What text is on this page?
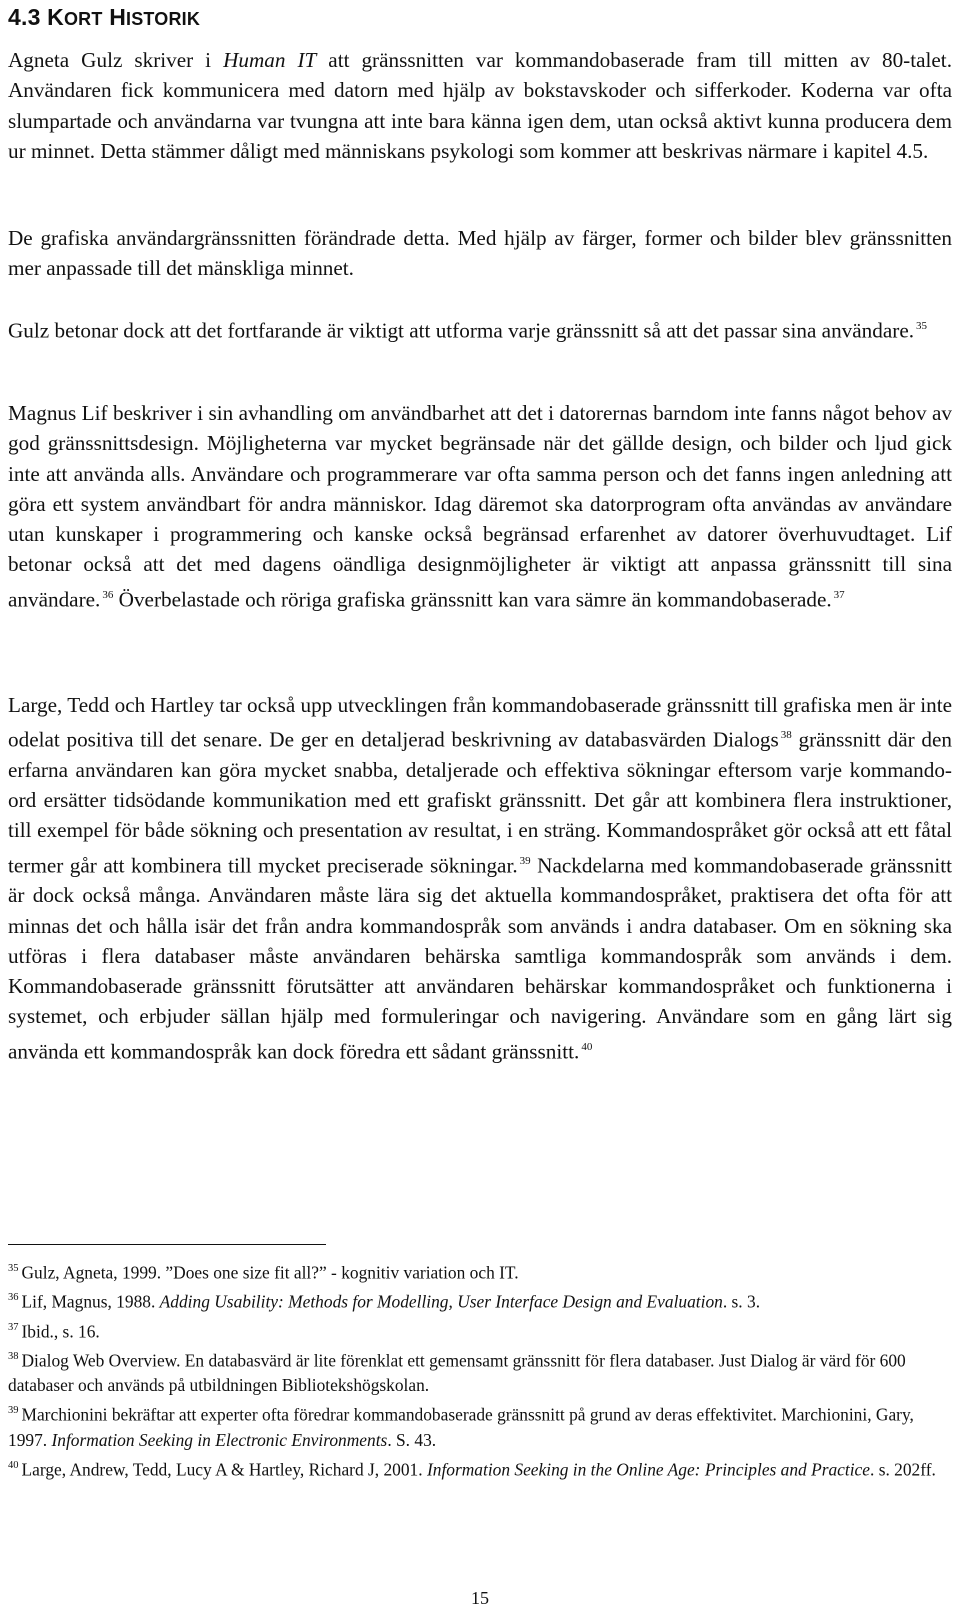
4.3 KORT HISTORIK

Agneta Gulz skriver i Human IT att gränssnitten var kommandobaserade fram till mitten av 80-talet. Användaren fick kommunicera med datorn med hjälp av bokstavskoder och sifferkoder. Koderna var ofta slumpartade och användarna var tvungna att inte bara känna igen dem, utan också aktivt kunna producera dem ur minnet. Detta stämmer dåligt med människans psykologi som kommer att beskrivas närmare i kapitel 4.5.

De grafiska användargränssnitten förändrade detta. Med hjälp av färger, former och bilder blev gränssnitten mer anpassade till det mänskliga minnet.

Gulz betonar dock att det fortfarande är viktigt att utforma varje gränssnitt så att det passar sina användare. $^{35}$

Magnus Lif beskriver i sin avhandling om användbarhet att det i datorernas barndom inte fanns något behov av god gränssnittsdesign. Möjligheterna var mycket begränsade när det gällde design, och bilder och ljud gick inte att använda alls. Användare och programmerare var ofta samma person och det fanns ingen anledning att göra ett system användbart för andra människor. Idag däremot ska datorprogram ofta användas av användare utan kunskaper i programmering och kanske också begränsad erfarenhet av datorer överhuvudtaget. Lif betonar också att det med dagens oändliga designmöjligheter är viktigt att anpassa gränssnitt till sina användare. $^{36}$ Överbelastade och röriga grafiska gränssnitt kan vara sämre än kommandobaserade. $^{37}$

Large, Tedd och Hartley tar också upp utvecklingen från kommandobaserade gränssnitt till grafiska men är inte odelat positiva till det senare. De ger en detaljerad beskrivning av databasvärden Dialogs $^{38}$ gränssnitt där den erfarna användaren kan göra mycket snabba, detaljerade och effektiva sökningar eftersom varje kommando-ord ersätter tidsödande kommunikation med ett grafiskt gränssnitt. Det går att kombinera flera instruktioner, till exempel för både sökning och presentation av resultat, i en sträng. Kommandospråket gör också att ett fåtal termer går att kombinera till mycket preciserade sökningar. $^{39}$ Nackdelarna med kommandobaserade gränssnitt är dock också många. Användaren måste lära sig det aktuella kommandospråket, praktisera det ofta för att minnas det och hålla isär det från andra kommandospråk som används i andra databaser. Om en sökning ska utföras i flera databaser måste användaren behärska samtliga kommandospråk som används i dem. Kommandobaserade gränssnitt förutsätter att användaren behärskar kommandospråket och funktionerna i systemet, och erbjuder sällan hjälp med formuleringar och navigering. Användare som en gång lärt sig använda ett kommandospråk kan dock föredra ett sådant gränssnitt. $^{40}$

$^{35}$ Gulz, Agneta, 1999. ”Does one size fit all?” - kognitiv variation och IT.

$^{36}$ Lif, Magnus, 1988. Adding Usability: Methods for Modelling, User Interface Design and Evaluation. s. 3.

$^{37}$ Ibid., s. 16.

$^{38}$ Dialog Web Overview. En databasvärd är lite förenklat ett gemensamt gränssnitt för flera databaser. Just Dialog är värd för 600 databaser och används på utbildningen Bibliotekshögskolan.

$^{39}$ Marchionini bekräftar att experter ofta föredrar kommandobaserade gränssnitt på grund av deras effektivitet. Marchionini, Gary, 1997. Information Seeking in Electronic Environments. S. 43.

$^{40}$ Large, Andrew, Tedd, Lucy A & Hartley, Richard J, 2001. Information Seeking in the Online Age: Principles and Practice. s. 202ff.

15
